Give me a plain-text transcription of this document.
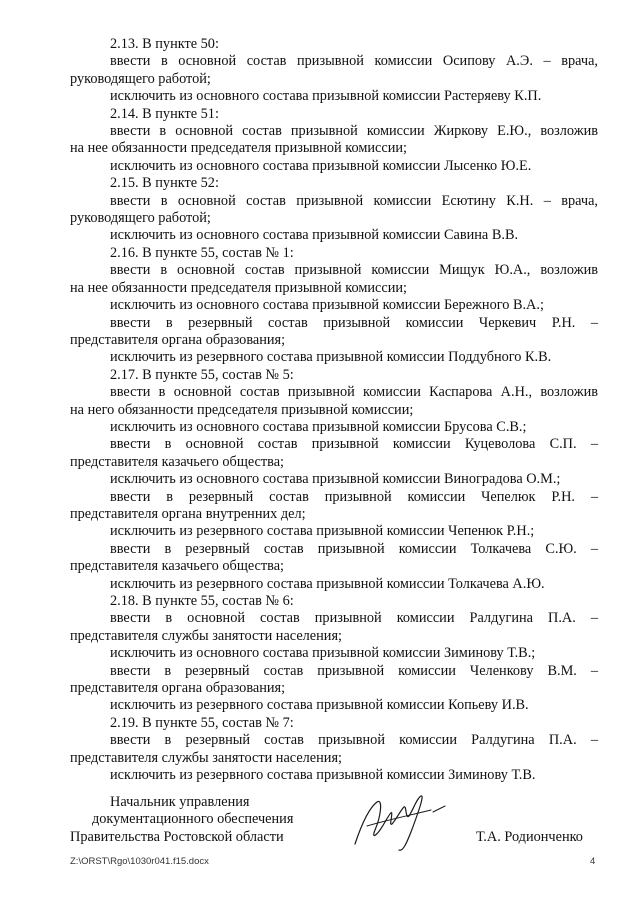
2.13. В пункте 50:
ввести в основной состав призывной комиссии Осипову А.Э. – врача,
руководящего работой;
исключить из основного состава призывной комиссии Растеряеву К.П.
2.14. В пункте 51:
ввести в основной состав призывной комиссии Жиркову Е.Ю., возложив
на нее обязанности председателя призывной комиссии;
исключить из основного состава призывной комиссии Лысенко Ю.Е.
2.15. В пункте 52:
ввести в основной состав призывной комиссии Есютину К.Н. – врача,
руководящего работой;
исключить из основного состава призывной комиссии Савина В.В.
2.16. В пункте 55, состав № 1:
ввести в основной состав призывной комиссии Мищук Ю.А., возложив
на нее обязанности председателя призывной комиссии;
исключить из основного состава призывной комиссии Бережного В.А.;
ввести в резервный состав призывной комиссии Черкевич Р.Н. –
представителя органа образования;
исключить из резервного состава призывной комиссии Поддубного К.В.
2.17. В пункте 55, состав № 5:
ввести в основной состав призывной комиссии Каспарова А.Н., возложив
на него обязанности председателя призывной комиссии;
исключить из основного состава призывной комиссии Брусова С.В.;
ввести в основной состав призывной комиссии Куцеволова С.П. –
представителя казачьего общества;
исключить из основного состава призывной комиссии Виноградова О.М.;
ввести в резервный состав призывной комиссии Чепелюк Р.Н. –
представителя органа внутренних дел;
исключить из резервного состава призывной комиссии Чепенюк Р.Н.;
ввести в резервный состав призывной комиссии Толкачева С.Ю. –
представителя казачьего общества;
исключить из резервного состава призывной комиссии Толкачева А.Ю.
2.18. В пункте 55, состав № 6:
ввести в основной состав призывной комиссии Ралдугина П.А. –
представителя службы занятости населения;
исключить из основного состава призывной комиссии Зиминову Т.В.;
ввести в резервный состав призывной комиссии Челенкову В.М. –
представителя органа образования;
исключить из резервного состава призывной комиссии Копьеву И.В.
2.19. В пункте 55, состав № 7:
ввести в резервный состав призывной комиссии Ралдугина П.А. –
представителя службы занятости населения;
исключить из резервного состава призывной комиссии Зиминову Т.В.
Начальник управления
документационного обеспечения
Правительства Ростовской области	Т.А. Родионченко
Z:\ORST\Rgo\1030r041.f15.docx	4
